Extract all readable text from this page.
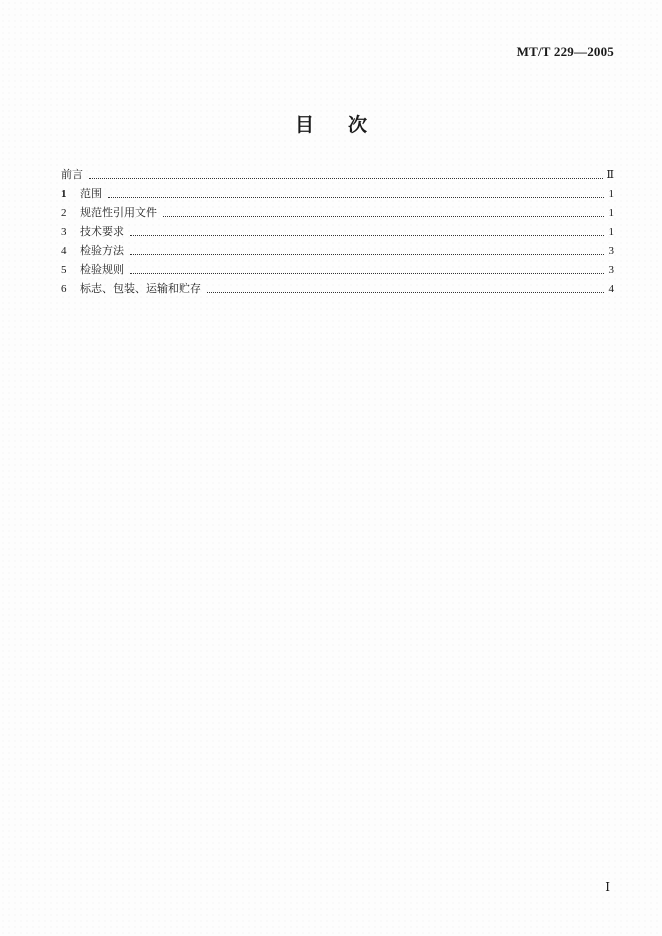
MT/T 229—2005
目次
前言	Ⅱ
1	范围	1
2	规范性引用文件	1
3	技术要求	1
4	检验方法	3
5	检验规则	3
6	标志、包装、运输和贮存	4
Ⅰ
